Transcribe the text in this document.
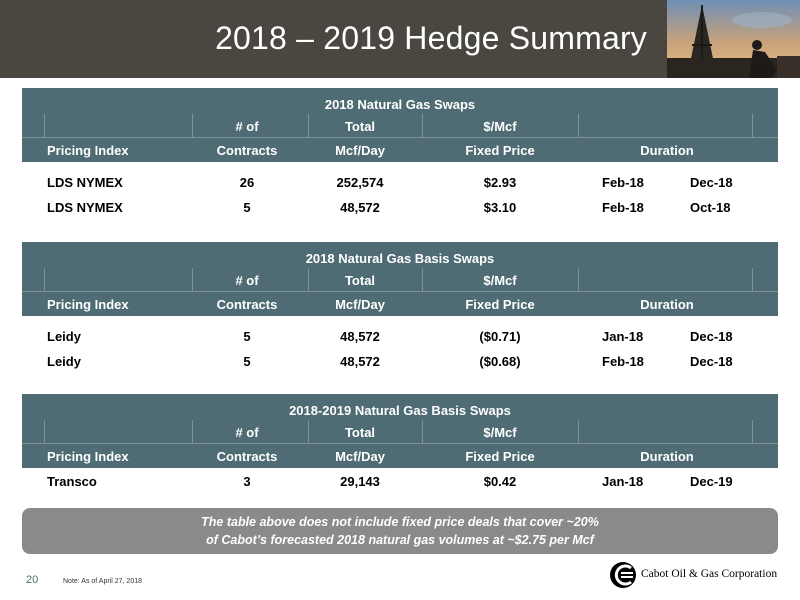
2018 – 2019 Hedge Summary
2018 Natural Gas Swaps
# of	Total	$/Mcf
Pricing Index	Contracts	Mcf/Day	Fixed Price	Duration
LDS NYMEX	26	252,574	$2.93	Feb-18	Dec-18
LDS NYMEX	5	48,572	$3.10	Feb-18	Oct-18
2018 Natural Gas Basis Swaps
# of	Total	$/Mcf
Pricing Index	Contracts	Mcf/Day	Fixed Price	Duration
Leidy	5	48,572	($0.71)	Jan-18	Dec-18
Leidy	5	48,572	($0.68)	Feb-18	Dec-18
2018-2019 Natural Gas Basis Swaps
# of	Total	$/Mcf
Pricing Index	Contracts	Mcf/Day	Fixed Price	Duration
Transco	3	29,143	$0.42	Jan-18	Dec-19
The table above does not include fixed price deals that cover ~20%
of Cabot’s forecasted 2018 natural gas volumes at ~$2.75 per Mcf
20	Note: As of April 27, 2018
Cabot Oil & Gas Corporation
